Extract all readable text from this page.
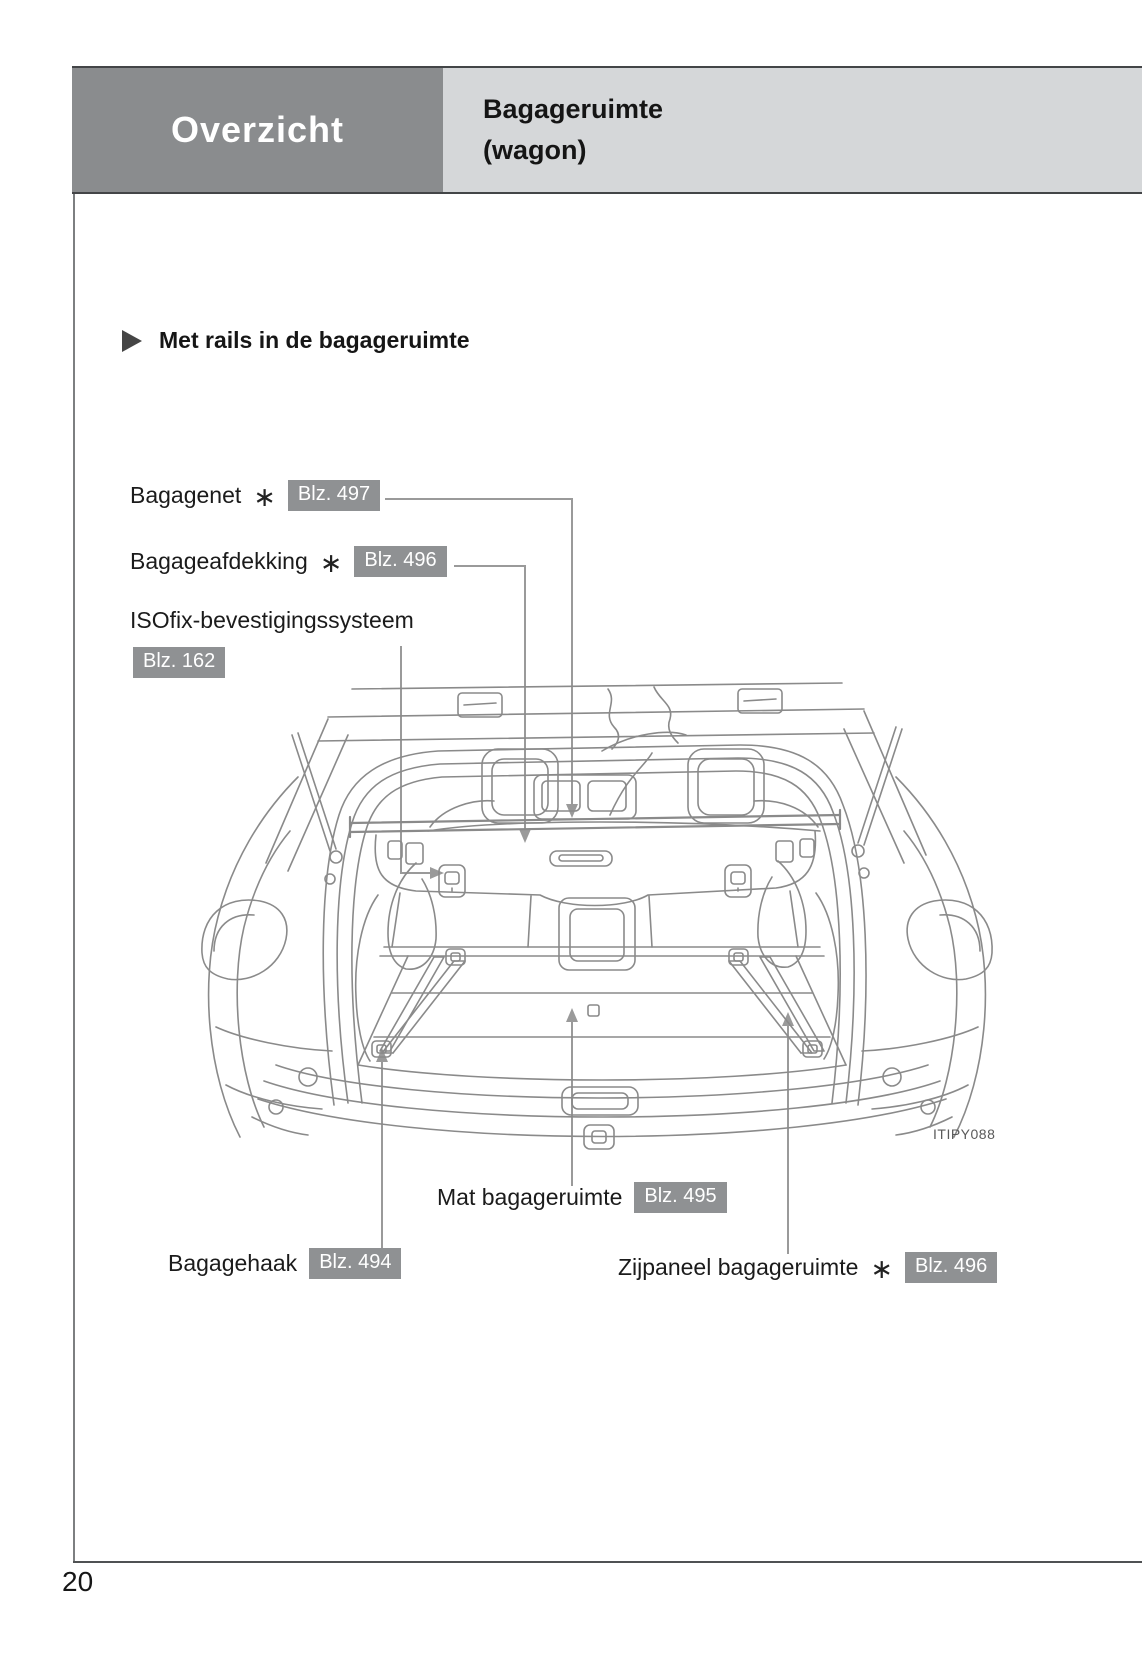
Overzicht	Bagageruimte
(wagon)
Met rails in de bagageruimte
Bagagenet ∗	Blz. 497
Bagageafdekking ∗	Blz. 496
ISOfix-bevestigingssysteem
Blz. 162
Mat bagageruimte	Blz. 495
Bagagehaak	Blz. 494	Zijpaneel bagageruimte ∗	Blz. 496
ITIPY088
20
